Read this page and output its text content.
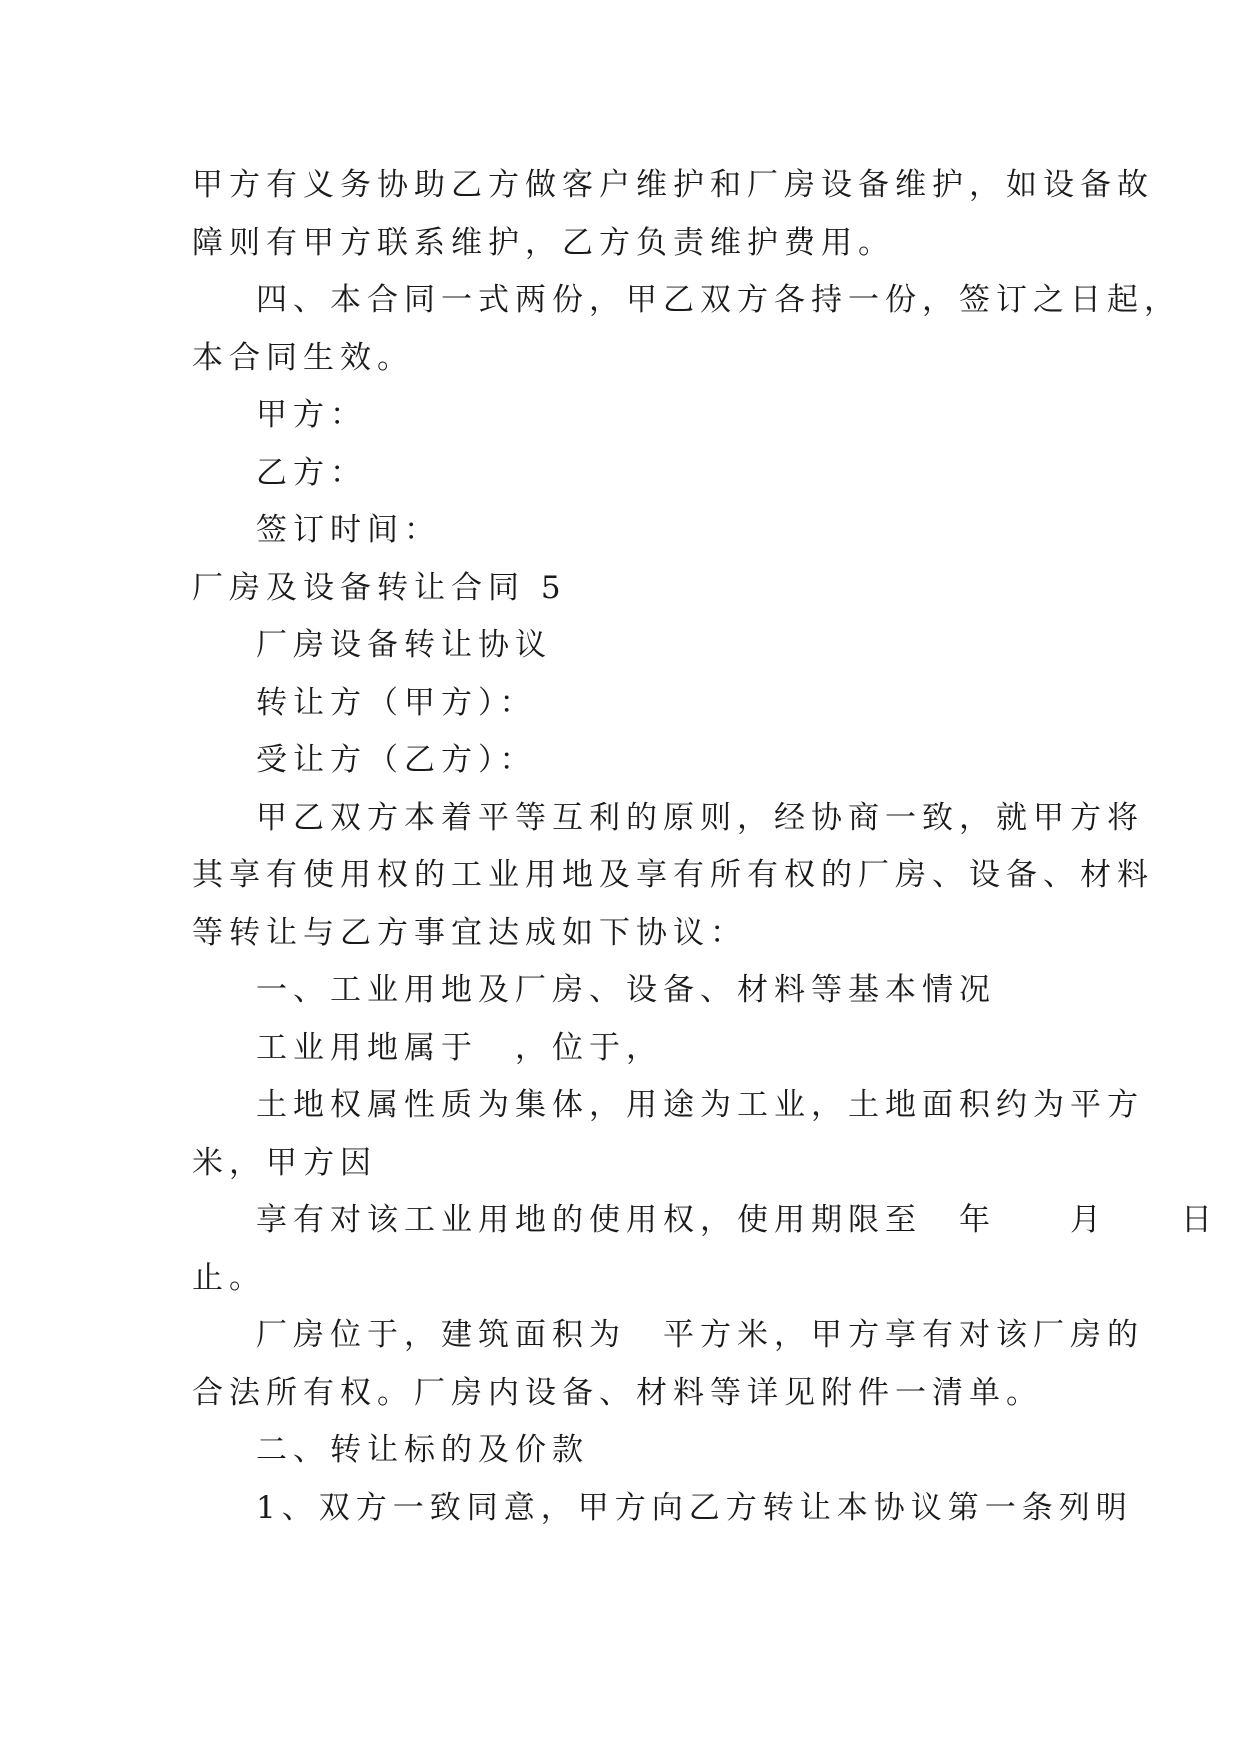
甲方有义务协助乙方做客户维护和厂房设备维护，如设备故
障则有甲方联系维护，乙方负责维护费用。
四、本合同一式两份，甲乙双方各持一份，签订之日起，
本合同生效。
甲方：
乙方：
签订时间：
厂房及设备转让合同 5
厂房设备转让协议
转让方（甲方）：
受让方（乙方）：
甲乙双方本着平等互利的原则，经协商一致，就甲方将
其享有使用权的工业用地及享有所有权的厂房、设备、材料
等转让与乙方事宜达成如下协议：
一、工业用地及厂房、设备、材料等基本情况
工业用地属于　，位于，
土地权属性质为集体，用途为工业，土地面积约为平方
米，甲方因
享有对该工业用地的使用权，使用期限至　年　　月　　日
止。
厂房位于，建筑面积为　平方米，甲方享有对该厂房的
合法所有权。厂房内设备、材料等详见附件一清单。
二、转让标的及价款
1、双方一致同意，甲方向乙方转让本协议第一条列明
